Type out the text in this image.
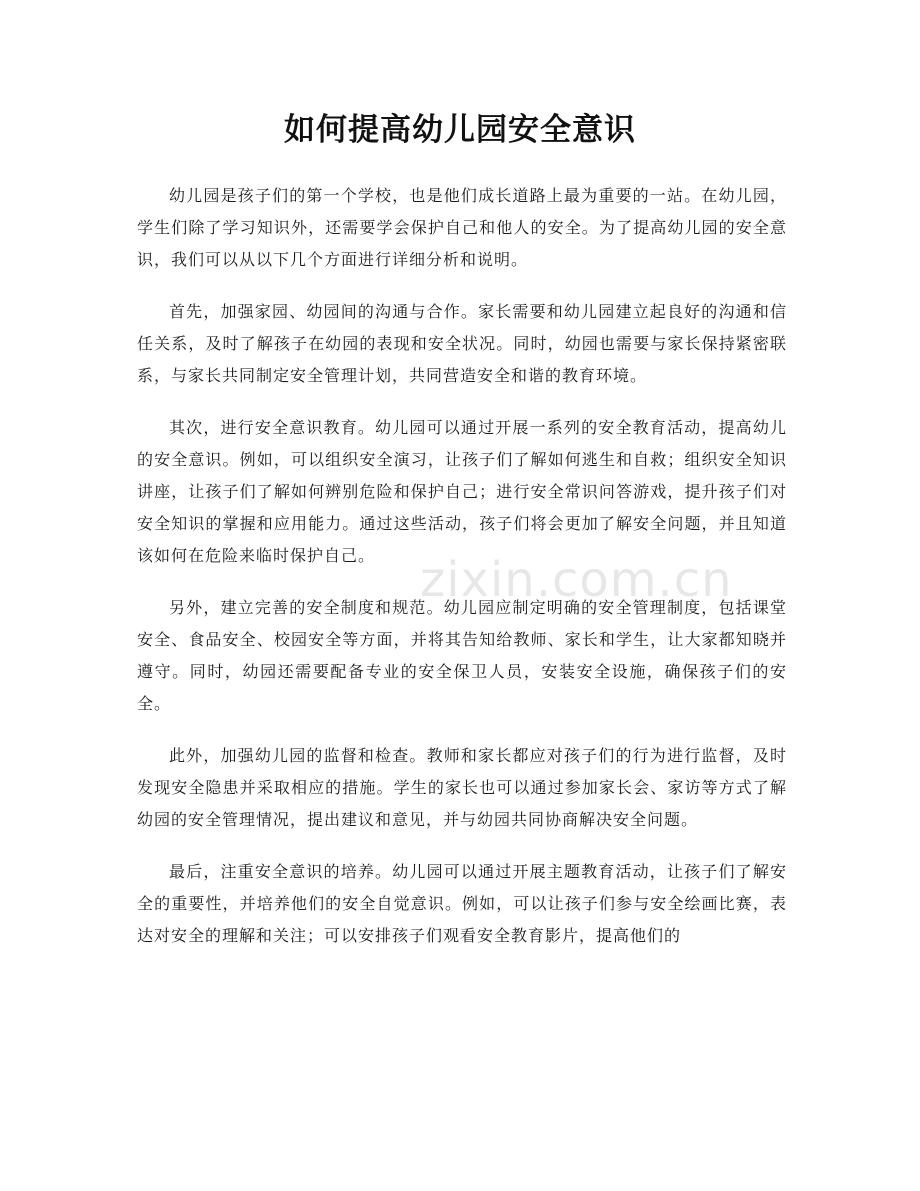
如何提高幼儿园安全意识

幼儿园是孩子们的第一个学校，也是他们成长道路上最为重要的一站。在幼儿园，学生们除了学习知识外，还需要学会保护自己和他人的安全。为了提高幼儿园的安全意识，我们可以从以下几个方面进行详细分析和说明。

首先，加强家园、幼园间的沟通与合作。家长需要和幼儿园建立起良好的沟通和信任关系，及时了解孩子在幼园的表现和安全状况。同时，幼园也需要与家长保持紧密联系，与家长共同制定安全管理计划，共同营造安全和谐的教育环境。

其次，进行安全意识教育。幼儿园可以通过开展一系列的安全教育活动，提高幼儿的安全意识。例如，可以组织安全演习，让孩子们了解如何逃生和自救；组织安全知识讲座，让孩子们了解如何辨别危险和保护自己；进行安全常识问答游戏，提升孩子们对安全知识的掌握和应用能力。通过这些活动，孩子们将会更加了解安全问题，并且知道该如何在危险来临时保护自己。

另外，建立完善的安全制度和规范。幼儿园应制定明确的安全管理制度，包括课堂安全、食品安全、校园安全等方面，并将其告知给教师、家长和学生，让大家都知晓并遵守。同时，幼园还需要配备专业的安全保卫人员，安装安全设施，确保孩子们的安全。

此外，加强幼儿园的监督和检查。教师和家长都应对孩子们的行为进行监督，及时发现安全隐患并采取相应的措施。学生的家长也可以通过参加家长会、家访等方式了解幼园的安全管理情况，提出建议和意见，并与幼园共同协商解决安全问题。

最后，注重安全意识的培养。幼儿园可以通过开展主题教育活动，让孩子们了解安全的重要性，并培养他们的安全自觉意识。例如，可以让孩子们参与安全绘画比赛，表达对安全的理解和关注；可以安排孩子们观看安全教育影片，提高他们的

zixin.com.cn
